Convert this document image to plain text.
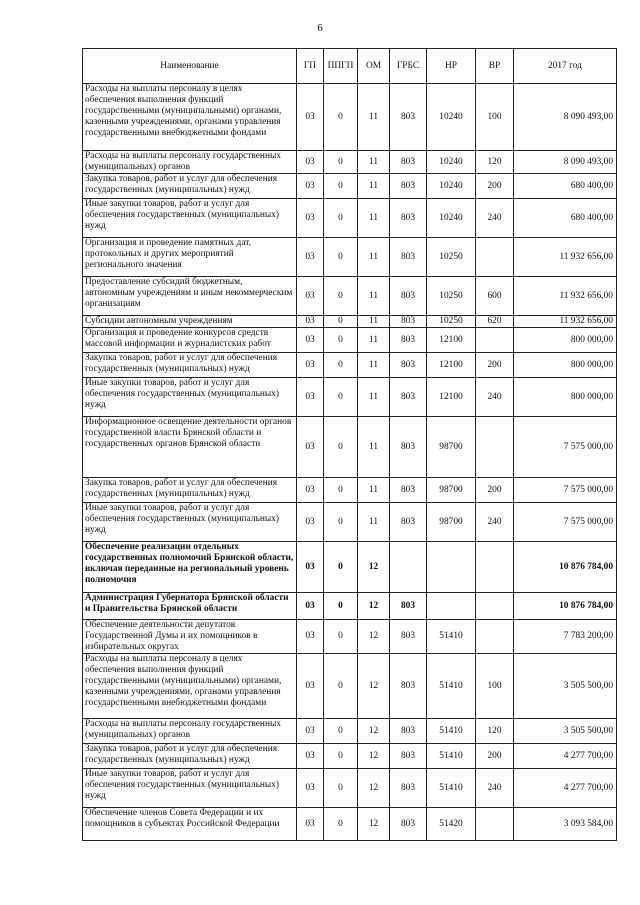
6
Наименование	ГП	ППГП	ОМ	ГРБС	НР	ВР	2017 год
Расходы на выплаты персоналу в целях обеспечения выполнения функций государственными (муниципальными) органами, казенными учреждениями, органами управления государственными внебюджетными фондами	03	0	11	803	10240	100	8 090 493,00
Расходы на выплаты персоналу государственных (муниципальных) органов	03	0	11	803	10240	120	8 090 493,00
Закупка товаров, работ и услуг для обеспечения государственных (муниципальных) нужд	03	0	11	803	10240	200	680 400,00
Иные закупки товаров, работ и услуг для обеспечения государственных (муниципальных) нужд	03	0	11	803	10240	240	680 400,00
Организация и проведение памятных дат, протокольных и других мероприятий регионального значения	03	0	11	803	10250		11 932 656,00
Предоставление субсидий бюджетным, автономным учреждениям и иным некоммерческим организациям	03	0	11	803	10250	600	11 932 656,00
Субсидии автономным учреждениям	03	0	11	803	10250	620	11 932 656,00
Организация и проведение конкурсов средств массовой информации и журналистских работ	03	0	11	803	12100		800 000,00
Закупка товаров, работ и услуг для обеспечения государственных (муниципальных) нужд	03	0	11	803	12100	200	800 000,00
Иные закупки товаров, работ и услуг для обеспечения государственных (муниципальных) нужд	03	0	11	803	12100	240	800 000,00
Информационное освещение деятельности органов государственной власти Брянской области и государственных органов Брянской области	03	0	11	803	98700		7 575 000,00
Закупка товаров, работ и услуг для обеспечения государственных (муниципальных) нужд	03	0	11	803	98700	200	7 575 000,00
Иные закупки товаров, работ и услуг для обеспечения государственных (муниципальных) нужд	03	0	11	803	98700	240	7 575 000,00
Обеспечение реализации отдельных государственных полномочий Брянской области, включая переданные на региональный уровень полномочия	03	0	12				10 876 784,00
Администрация Губернатора Брянской области и Правительства Брянской области	03	0	12	803			10 876 784,00
Обеспечение деятельности депутатов Государственной Думы и их помощников в избирательных округах	03	0	12	803	51410		7 783 200,00
Расходы на выплаты персоналу в целях обеспечения выполнения функций государственными (муниципальными) органами, казенными учреждениями, органами управления государственными внебюджетными фондами	03	0	12	803	51410	100	3 505 500,00
Расходы на выплаты персоналу государственных (муниципальных) органов	03	0	12	803	51410	120	3 505 500,00
Закупка товаров, работ и услуг для обеспечения государственных (муниципальных) нужд	03	0	12	803	51410	200	4 277 700,00
Иные закупки товаров, работ и услуг для обеспечения государственных (муниципальных) нужд	03	0	12	803	51410	240	4 277 700,00
Обеспечение членов Совета Федерации и их помощников в субъектах Российской Федерации	03	0	12	803	51420		3 093 584,00
